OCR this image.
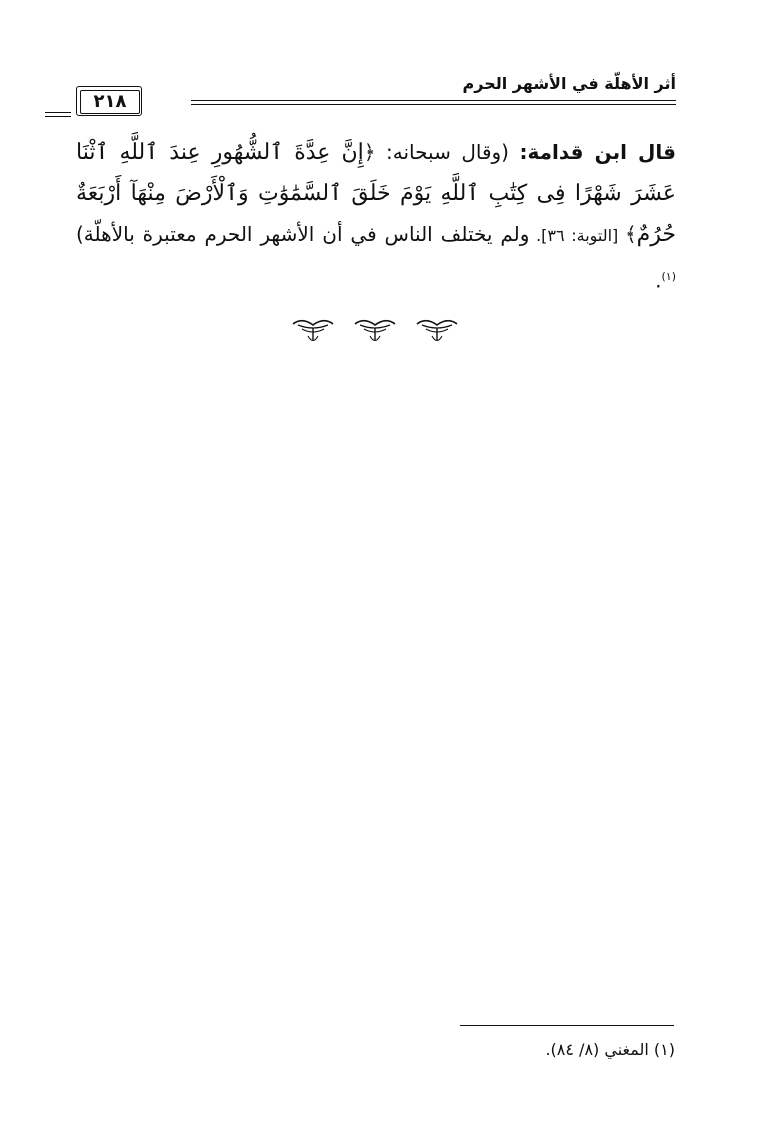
أثر الأهلّة في الأشهر الحرم
٢١٨
قال ابن قدامة: (وقال سبحانه: ﴿إِنَّ عِدَّةَ ٱلشُّهُورِ عِندَ ٱللَّهِ ٱثْنَا عَشَرَ شَهْرًا فِى كِتَٰبِ ٱللَّهِ يَوْمَ خَلَقَ ٱلسَّمَٰوَٰتِ وَٱلْأَرْضَ مِنْهَآ أَرْبَعَةٌ حُرُمٌ﴾ [التوبة: ٣٦]. ولم يختلف الناس في أن الأشهر الحرم معتبرة بالأهلّة)$^{(١)}$.
(١) المغني (٨/ ٨٤).
